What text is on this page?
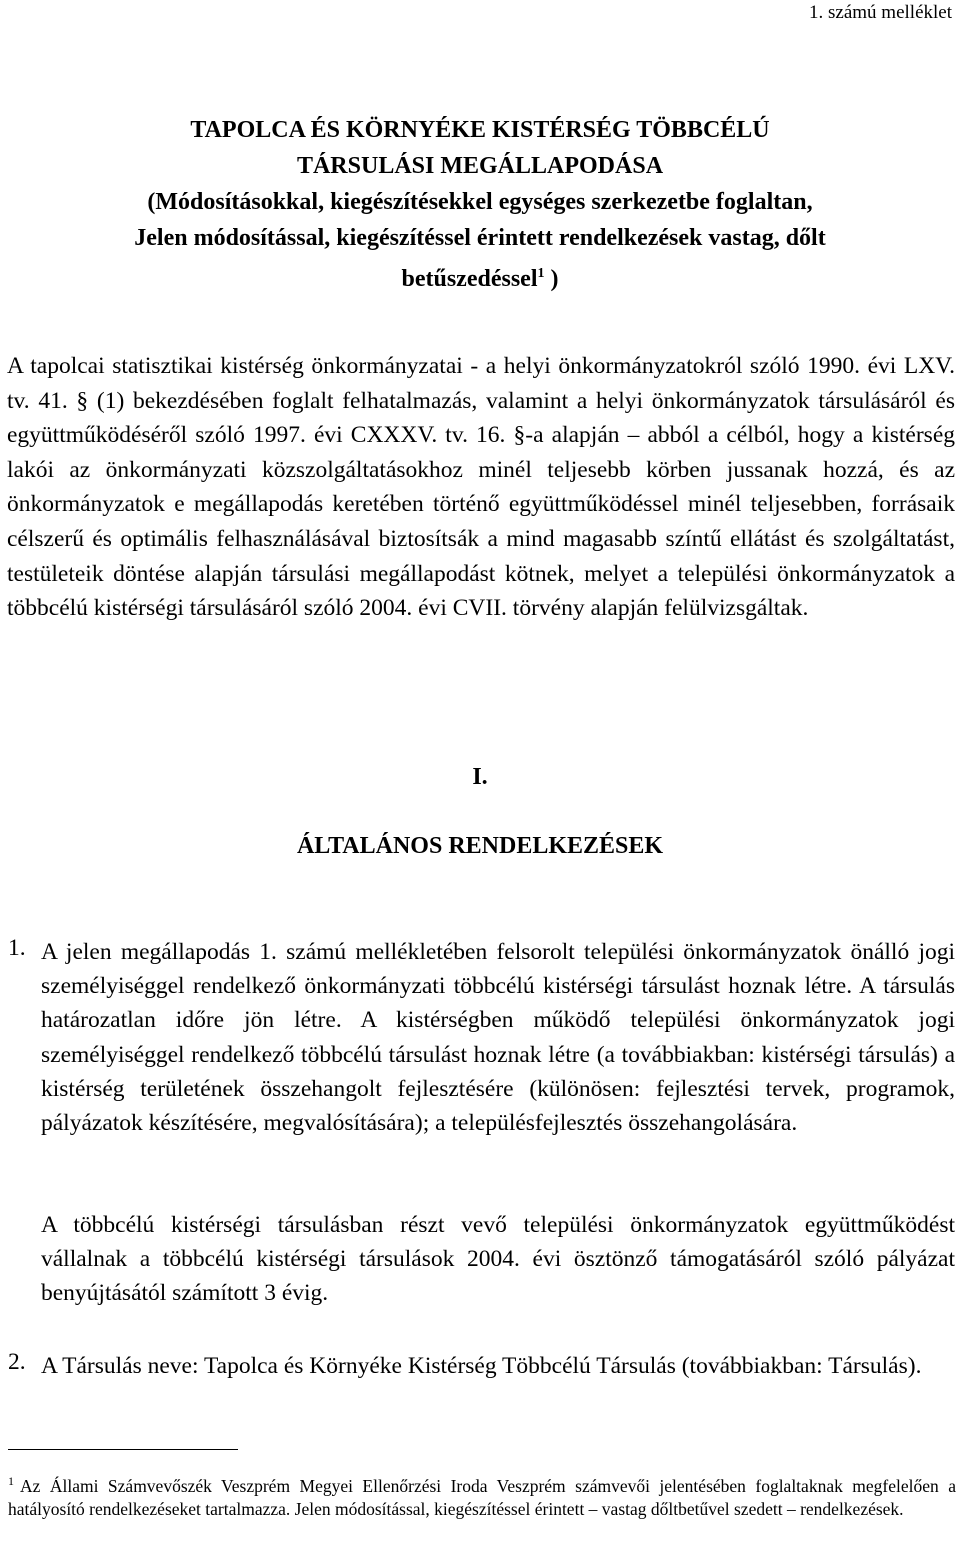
1. számú melléklet
TAPOLCA ÉS KÖRNYÉKE KISTÉRSÉG TÖBBCÉLÚ
TÁRSULÁSI MEGÁLLAPODÁSA
(Módosításokkal, kiegészítésekkel egységes szerkezetbe foglaltan,
Jelen módosítással, kiegészítéssel érintett rendelkezések vastag, dőlt
betűszedéssel$^1$ )
A tapolcai statisztikai kistérség önkormányzatai - a helyi önkormányzatokról szóló 1990. évi LXV. tv. 41. § (1) bekezdésében foglalt felhatalmazás, valamint a helyi önkormányzatok társulásáról és együttműködéséről szóló 1997. évi CXXXV. tv. 16. §-a alapján – abból a célból, hogy a kistérség lakói az önkormányzati közszolgáltatásokhoz minél teljesebb körben jussanak hozzá, és az önkormányzatok e megállapodás keretében történő együttműködéssel minél teljesebben, forrásaik célszerű és optimális felhasználásával biztosítsák a mind magasabb színtű ellátást és szolgáltatást, testületeik döntése alapján társulási megállapodást kötnek, melyet a települési önkormányzatok a többcélú kistérségi társulásáról szóló 2004. évi CVII. törvény alapján felülvizsgáltak.
I.
ÁLTALÁNOS RENDELKEZÉSEK
1. A jelen megállapodás 1. számú mellékletében felsorolt települési önkormányzatok önálló jogi személyiséggel rendelkező önkormányzati többcélú kistérségi társulást hoznak létre. A társulás határozatlan időre jön létre. A kistérségben működő települési önkormányzatok jogi személyiséggel rendelkező többcélú társulást hoznak létre (a továbbiakban: kistérségi társulás) a kistérség területének összehangolt fejlesztésére (különösen: fejlesztési tervek, programok, pályázatok készítésére, megvalósítására); a településfejlesztés összehangolására.
A többcélú kistérségi társulásban részt vevő települési önkormányzatok együttműködést vállalnak a többcélú kistérségi társulások 2004. évi ösztönző támogatásáról szóló pályázat benyújtásától számított 3 évig.
2. A Társulás neve: Tapolca és Környéke Kistérség Többcélú Társulás (továbbiakban: Társulás).
$^1$ Az Állami Számvevőszék Veszprém Megyei Ellenőrzési Iroda Veszprém számvevői jelentésében foglaltaknak megfelelően a hatályosító rendelkezéseket tartalmazza. Jelen módosítással, kiegészítéssel érintett – vastag dőltbetűvel szedett – rendelkezések.
